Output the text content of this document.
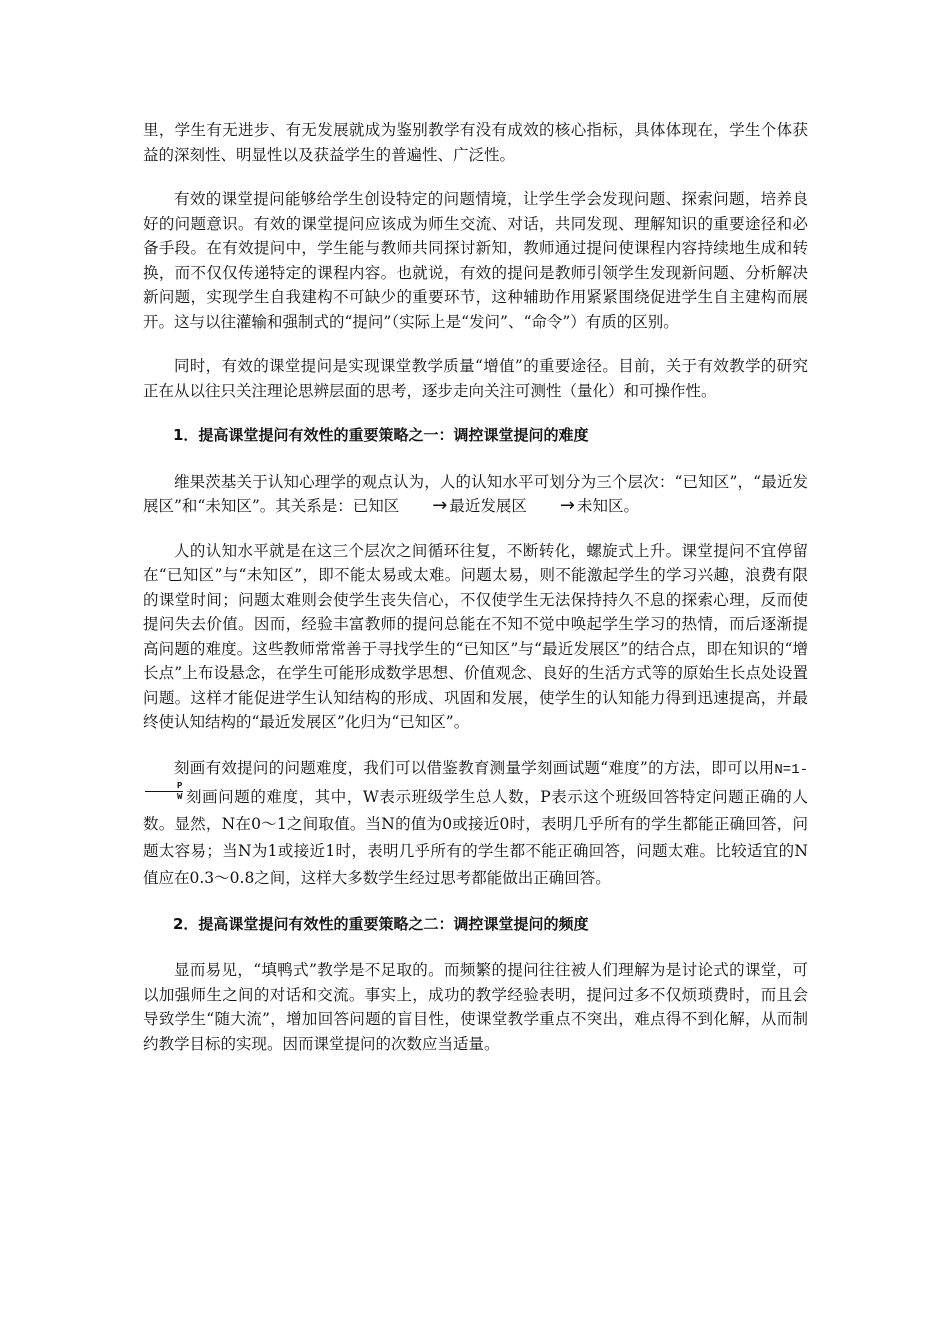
里，学生有无进步、有无发展就成为鉴别教学有没有成效的核心指标，具体体现在，学生个体获益的深刻性、明显性以及获益学生的普遍性、广泛性。

有效的课堂提问能够给学生创设特定的问题情境，让学生学会发现问题、探索问题，培养良好的问题意识。有效的课堂提问应该成为师生交流、对话，共同发现、理解知识的重要途径和必备手段。在有效提问中，学生能与教师共同探讨新知，教师通过提问使课程内容持续地生成和转换，而不仅仅传递特定的课程内容。也就说，有效的提问是教师引领学生发现新问题、分析解决新问题，实现学生自我建构不可缺少的重要环节，这种辅助作用紧紧围绕促进学生自主建构而展开。这与以往灌输和强制式的“提问”（实际上是“发问”、“命令”）有质的区别。

同时，有效的课堂提问是实现课堂教学质量“增值”的重要途径。目前，关于有效教学的研究正在从以往只关注理论思辨层面的思考，逐步走向关注可测性（量化）和可操作性。

1．提高课堂提问有效性的重要策略之一：调控课堂提问的难度

维果茨基关于认知心理学的观点认为，人的认知水平可划分为三个层次：“已知区”，“最近发展区”和“未知区”。其关系是：已知区 → 最近发展区 → 未知区。

人的认知水平就是在这三个层次之间循环往复，不断转化，螺旋式上升。课堂提问不宜停留在“已知区”与“未知区”，即不能太易或太难。问题太易，则不能激起学生的学习兴趣，浪费有限的课堂时间；问题太难则会使学生丧失信心，不仅使学生无法保持持久不息的探索心理，反而使提问失去价值。因而，经验丰富教师的提问总能在不知不觉中唤起学生学习的热情，而后逐渐提高问题的难度。这些教师常常善于寻找学生的“已知区”与“最近发展区”的结合点，即在知识的“增长点”上布设悬念，在学生可能形成数学思想、价值观念、良好的生活方式等的原始生长点处设置问题。这样才能促进学生认知结构的形成、巩固和发展，使学生的认知能力得到迅速提高，并最终使认知结构的“最近发展区”化归为“已知区”。

刻画有效提问的问题难度，我们可以借鉴教育测量学刻画试题“难度”的方法，即可以用N=1-
$\frac{P}{W}$ 刻画问题的难度，其中，W表示班级学生总人数，P表示这个班级回答特定问题正确的人数。显然，N在0～1之间取值。当N的值为0或接近0时，表明几乎所有的学生都能正确回答，问题太容易；当N为1或接近1时，表明几乎所有的学生都不能正确回答，问题太难。比较适宜的N值应在0.3～0.8之间，这样大多数学生经过思考都能做出正确回答。

2．提高课堂提问有效性的重要策略之二：调控课堂提问的频度

显而易见，“填鸭式”教学是不足取的。而频繁的提问往往被人们理解为是讨论式的课堂，可以加强师生之间的对话和交流。事实上，成功的教学经验表明，提问过多不仅烦琐费时，而且会导致学生“随大流”，增加回答问题的盲目性，使课堂教学重点不突出，难点得不到化解，从而制约教学目标的实现。因而课堂提问的次数应当适量。
